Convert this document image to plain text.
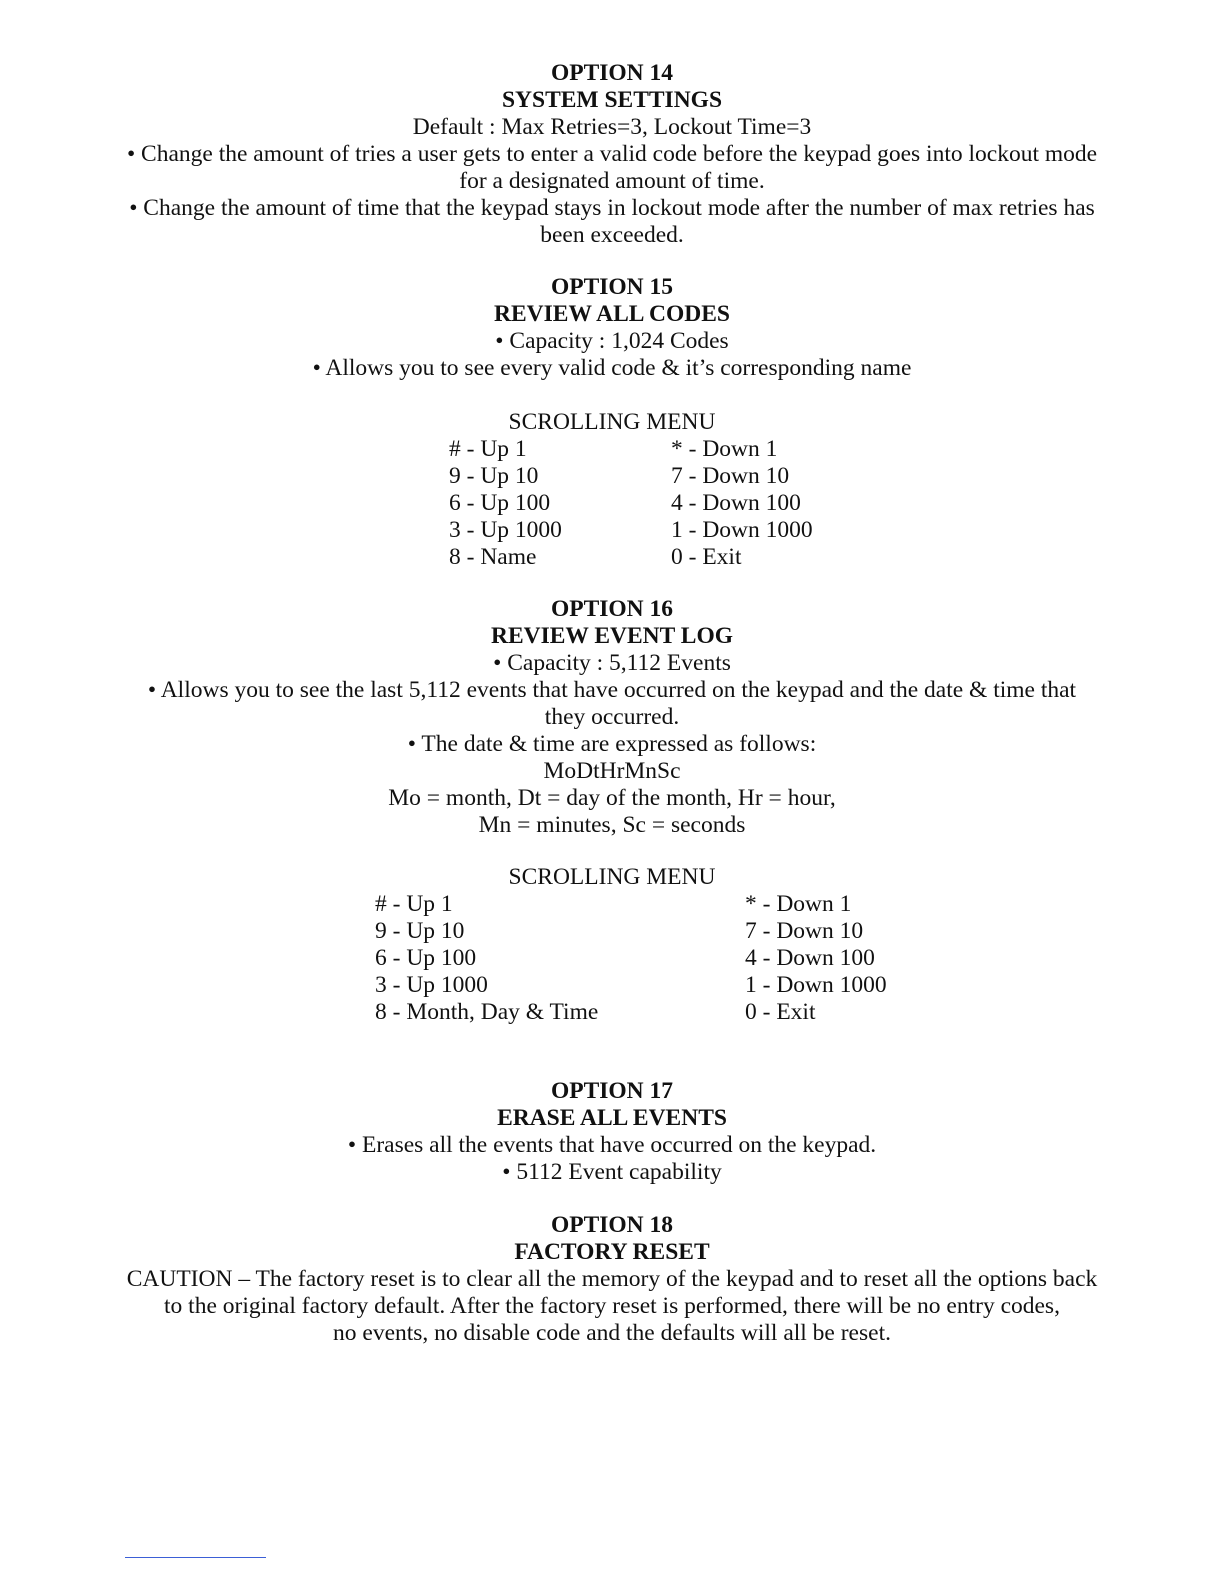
OPTION 14
SYSTEM SETTINGS
Default : Max Retries=3, Lockout Time=3
• Change the amount of tries a user gets to enter a valid code before the keypad goes into lockout mode
for a designated amount of time.
• Change the amount of time that the keypad stays in lockout mode after the number of max retries has
been exceeded.
OPTION 15
REVIEW ALL CODES
• Capacity : 1,024 Codes
• Allows you to see every valid code & it’s corresponding name
SCROLLING MENU
# - Up 1
9 - Up 10
6 - Up 100
3 - Up 1000
8 - Name
* - Down 1
7 - Down 10
4 - Down 100
1 - Down 1000
0 - Exit
OPTION 16
REVIEW EVENT LOG
• Capacity : 5,112 Events
• Allows you to see the last 5,112 events that have occurred on the keypad and the date & time that
they occurred.
• The date & time are expressed as follows:
MoDtHrMnSc
Mo = month, Dt = day of the month, Hr = hour,
Mn = minutes, Sc = seconds
SCROLLING MENU
# - Up 1
9 - Up 10
6 - Up 100
3 - Up 1000
8 - Month, Day & Time
* - Down 1
7 - Down 10
4 - Down 100
1 - Down 1000
0 - Exit
OPTION 17
ERASE ALL EVENTS
• Erases all the events that have occurred on the keypad.
• 5112 Event capability
OPTION 18
FACTORY RESET
CAUTION – The factory reset is to clear all the memory of the keypad and to reset all the options back
to the original factory default. After the factory reset is performed, there will be no entry codes,
no events, no disable code and the defaults will all be reset.
